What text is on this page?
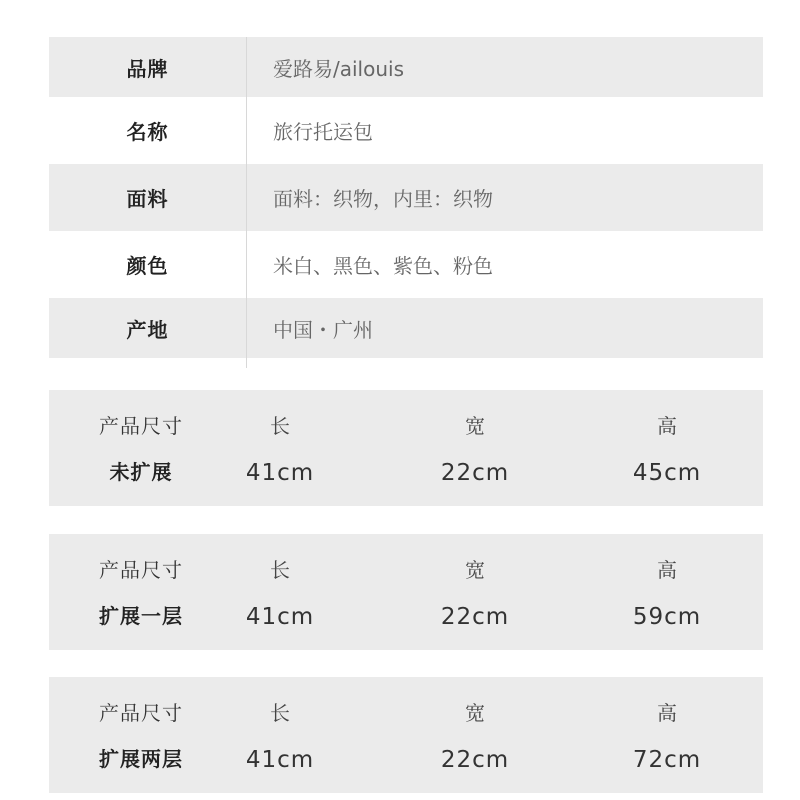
品牌	爱路易/ailouis
名称	旅行托运包
面料	面料：织物，内里：织物
颜色	米白、黑色、紫色、粉色
产地	中国・广州
产品尺寸	长	宽	高
未扩展	41cm	22cm	45cm
产品尺寸	长	宽	高
扩展一层	41cm	22cm	59cm
产品尺寸	长	宽	高
扩展两层	41cm	22cm	72cm
